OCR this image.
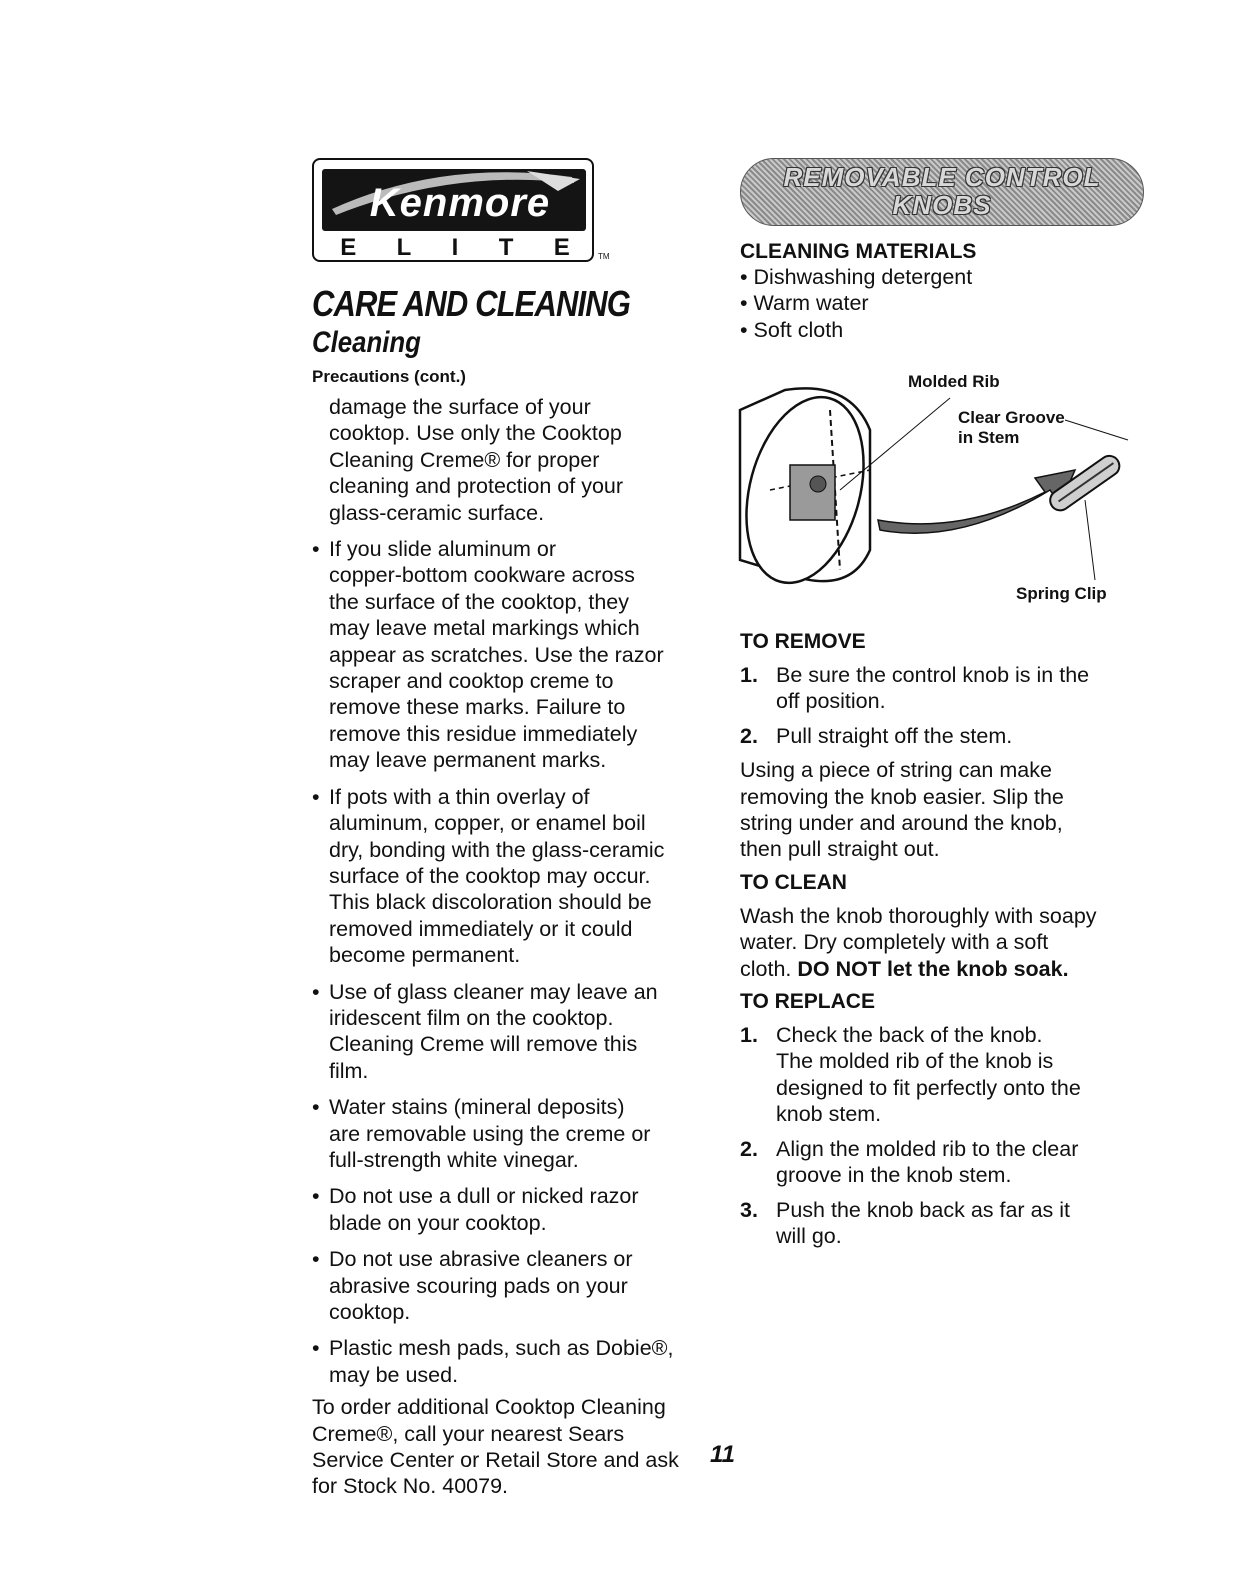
Kenmore
E L I T E	TM
CARE AND CLEANING
Cleaning
Precautions (cont.)

damage the surface of your
cooktop. Use only the Cooktop
Cleaning Creme® for proper
cleaning and protection of your
glass-ceramic surface.

• If you slide aluminum or
copper-bottom cookware across
the surface of the cooktop, they
may leave metal markings which
appear as scratches. Use the razor
scraper and cooktop creme to
remove these marks. Failure to
remove this residue immediately
may leave permanent marks.

• If pots with a thin overlay of
aluminum, copper, or enamel boil
dry, bonding with the glass-ceramic
surface of the cooktop may occur.
This black discoloration should be
removed immediately or it could
become permanent.

• Use of glass cleaner may leave an
iridescent film on the cooktop.
Cleaning Creme will remove this
film.

• Water stains (mineral deposits)
are removable using the creme or
full-strength white vinegar.

• Do not use a dull or nicked razor
blade on your cooktop.

• Do not use abrasive cleaners or
abrasive scouring pads on your
cooktop.

• Plastic mesh pads, such as Dobie®,
may be used.

To order additional Cooktop Cleaning
Creme®, call your nearest Sears
Service Center or Retail Store and ask
for Stock No. 40079.

11
REMOVABLE CONTROL
KNOBS

CLEANING MATERIALS

• Dishwashing detergent

• Warm water

• Soft cloth

Molded Rib
Clear Groove
in Stem
Spring Clip

TO REMOVE

1. Be sure the control knob is in the
off position.

2. Pull straight off the stem.

Using a piece of string can make
removing the knob easier. Slip the
string under and around the knob,
then pull straight out.

TO CLEAN

Wash the knob thoroughly with soapy
water. Dry completely with a soft
cloth. DO NOT let the knob soak.

TO REPLACE

1. Check the back of the knob.
The molded rib of the knob is
designed to fit perfectly onto the
knob stem.

2. Align the molded rib to the clear
groove in the knob stem.

3. Push the knob back as far as it
will go.
